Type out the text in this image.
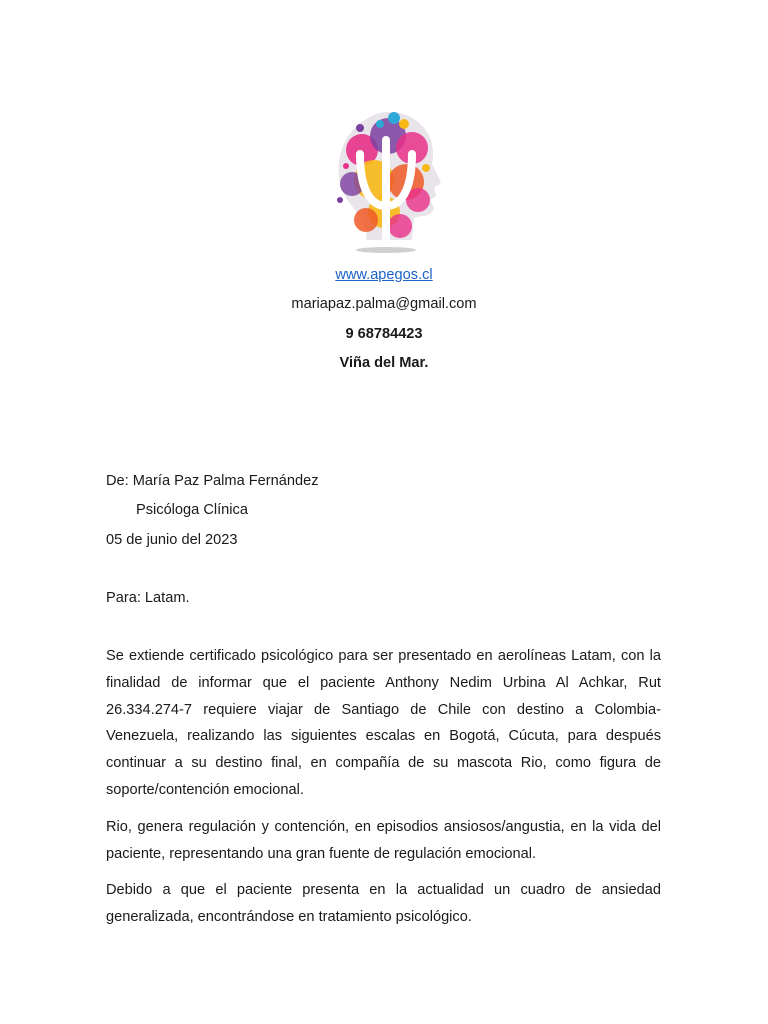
www.apegos.cl
mariapaz.palma@gmail.com
9 68784423
Viña del Mar.
De: María Paz Palma Fernández
Psicóloga Clínica
05 de junio del 2023
Para: Latam.
Se extiende certificado psicológico para ser presentado en aerolíneas Latam, con la finalidad de informar que el paciente Anthony Nedim Urbina Al Achkar, Rut 26.334.274-7 requiere viajar de Santiago de Chile con destino a Colombia-Venezuela, realizando las siguientes escalas en Bogotá, Cúcuta, para después continuar a su destino final, en compañía de su mascota Rio, como figura de soporte/contención emocional.
Rio, genera regulación y contención, en episodios ansiosos/angustia, en la vida del paciente, representando una gran fuente de regulación emocional.
Debido a que el paciente presenta en la actualidad un cuadro de ansiedad generalizada, encontrándose en tratamiento psicológico.
